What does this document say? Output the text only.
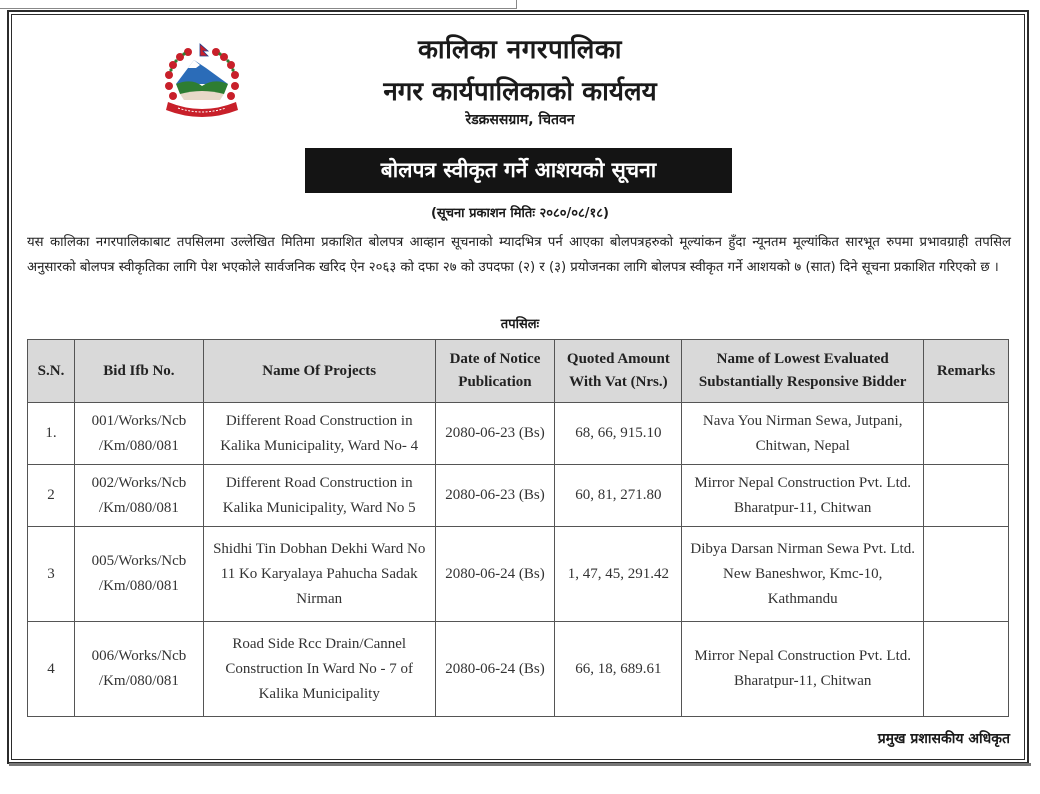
कालिका नगरपालिका
नगर कार्यपालिकाको कार्यलय
रेडक्रससग्राम, चितवन
बोलपत्र स्वीकृत गर्ने आशयको सूचना
(सूचना प्रकाशन मितिः २०८०/०८/१८)
यस कालिका नगरपालिकाबाट तपसिलमा उल्लेखित मितिमा प्रकाशित बोलपत्र आव्हान सूचनाको म्यादभित्र पर्न आएका बोलपत्रहरुको मूल्यांकन हुँदा न्यूनतम मूल्यांकित सारभूत रुपमा प्रभावग्राही तपसिल अनुसारको बोलपत्र स्वीकृतिका लागि पेश भएकोले सार्वजनिक खरिद ऐन २०६३ को दफा २७ को उपदफा (२) र (३) प्रयोजनका लागि बोलपत्र स्वीकृत गर्ने आशयको ७ (सात) दिने सूचना प्रकाशित गरिएको छ ।
तपसिलः
S.N.	Bid Ifb No.	Name Of Projects	Date of Notice Publication	Quoted Amount With Vat (Nrs.)	Name of Lowest Evaluated Substantially Responsive Bidder	Remarks
1.	001/Works/Ncb /Km/080/081	Different Road Construction in Kalika Municipality, Ward No- 4	2080-06-23 (Bs)	68, 66, 915.10	Nava You Nirman Sewa, Jutpani, Chitwan, Nepal	
2	002/Works/Ncb /Km/080/081	Different Road Construction in Kalika Municipality, Ward No 5	2080-06-23 (Bs)	60, 81, 271.80	Mirror Nepal Construction Pvt. Ltd. Bharatpur-11, Chitwan	
3	005/Works/Ncb /Km/080/081	Shidhi Tin Dobhan Dekhi Ward No 11 Ko Karyalaya Pahucha Sadak Nirman	2080-06-24 (Bs)	1, 47, 45, 291.42	Dibya Darsan Nirman Sewa Pvt. Ltd. New Baneshwor, Kmc-10, Kathmandu	
4	006/Works/Ncb /Km/080/081	Road Side Rcc Drain/Cannel Construction In Ward No - 7 of Kalika Municipality	2080-06-24 (Bs)	66, 18, 689.61	Mirror Nepal Construction Pvt. Ltd. Bharatpur-11, Chitwan	
प्रमुख प्रशासकीय अधिकृत
